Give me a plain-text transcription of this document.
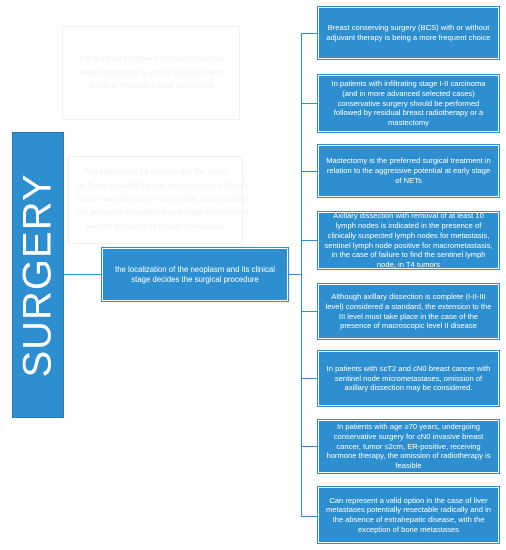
SURGERY
The surgical treatment of neuroendocrine
breast carcinoma is similar to that of other
forms of invasive breast carcinoma
The indications for surgery are the same
as those adopted for non neuroendocrine breast
tumors and depend on tumor size, tumor location,
the presence of axillary lymph node involvement
and the presence of distant metastases
the localization of the neoplasm and its clinical stage decides the surgical procedure
Breast conserving surgery (BCS) with or without adjuvant therapy is being a more frequent choice
In patients with infiltrating stage I-II carcinoma (and in more advanced selected cases) conservative surgery should be performed followed by residual breast radiotherapy or a mastectomy
Mastectomy is the preferred surgical treatment in relation to the aggressive potential at early stage of NETs
Axillary dissection with removal of at least 10 lymph nodes is indicated in the presence of clinically suspected lymph nodes for metastasis, sentinel lymph node positive for macrometastasis, in the case of failure to find the sentinel lymph node, in T4 tumors
Although axillary dissection is complete (I-II-III level) considered a standard, the extension to the III level must take place in the case of the presence of macroscopic level II disease
In patients with ≤cT2 and cN0 breast cancer with sentinel node micrometastases, omission of axillary dissection may be considered.
In patients with age ≥70 years, undergoing conservative surgery for cN0 invasive breast cancer, tumor ≤2cm, ER-positive, receiving hormone therapy, the omission of radiotherapy is feasible
Can represent a valid option in the case of liver metastases potentially resectable radically and in the absence of extrahepatic disease, with the exception of bone metastases
